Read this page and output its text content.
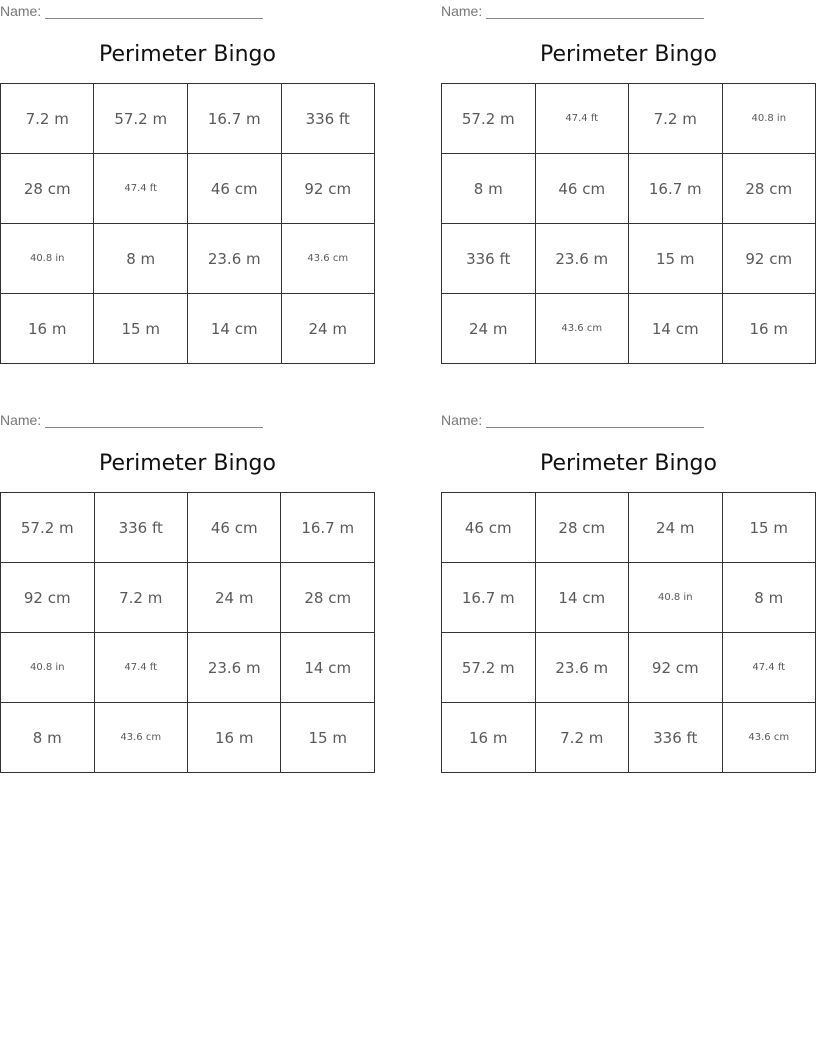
Name:
Perimeter Bingo
7.2 m	57.2 m	16.7 m	336 ft
28 cm	47.4 ft	46 cm	92 cm
40.8 in	8 m	23.6 m	43.6 cm
16 m	15 m	14 cm	24 m
Name:
Perimeter Bingo
57.2 m	47.4 ft	7.2 m	40.8 in
8 m	46 cm	16.7 m	28 cm
336 ft	23.6 m	15 m	92 cm
24 m	43.6 cm	14 cm	16 m
Name:
Perimeter Bingo
57.2 m	336 ft	46 cm	16.7 m
92 cm	7.2 m	24 m	28 cm
40.8 in	47.4 ft	23.6 m	14 cm
8 m	43.6 cm	16 m	15 m
Name:
Perimeter Bingo
46 cm	28 cm	24 m	15 m
16.7 m	14 cm	40.8 in	8 m
57.2 m	23.6 m	92 cm	47.4 ft
16 m	7.2 m	336 ft	43.6 cm
